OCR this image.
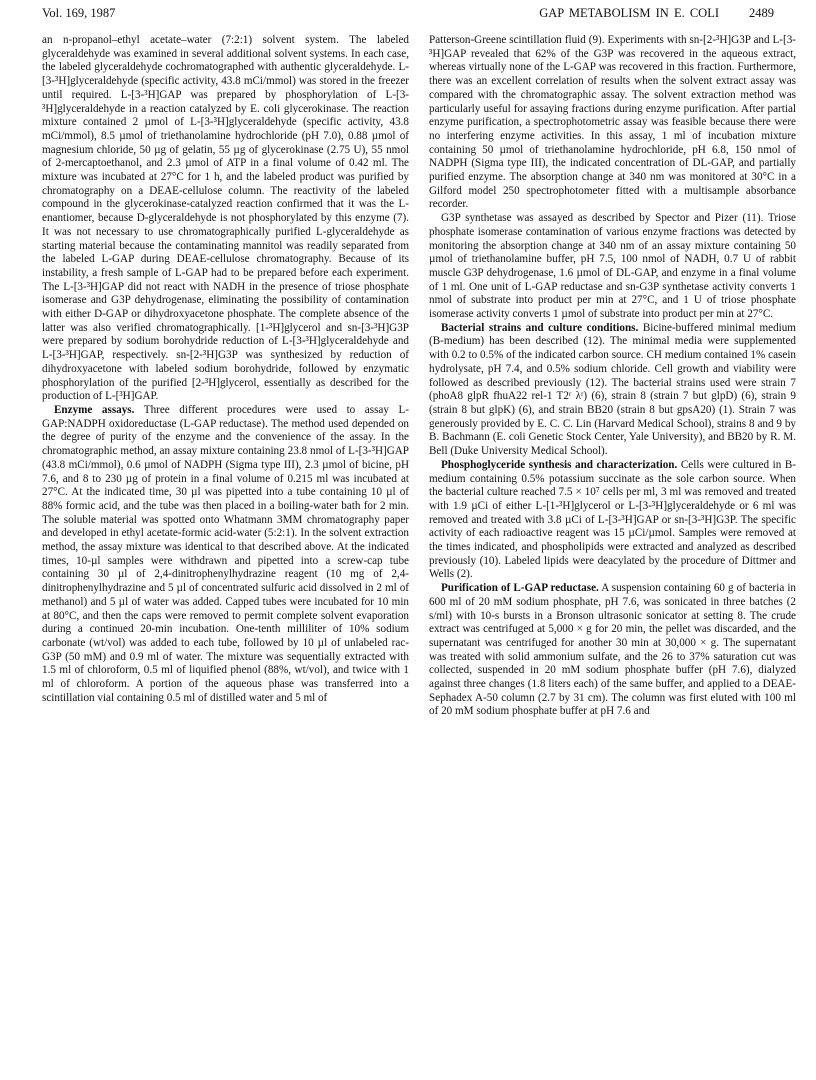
Vol. 169, 1987	GAP METABOLISM IN E. COLI 2489

an n-propanol–ethyl acetate–water (7:2:1) solvent system. The labeled glyceraldehyde was examined in several additional solvent systems. In each case, the labeled glyceraldehyde cochromatographed with authentic glyceraldehyde. L-[3-³H]glyceraldehyde (specific activity, 43.8 mCi/mmol) was stored in the freezer until required. L-[3-³H]GAP was prepared by phosphorylation of L-[3-³H]glyceraldehyde in a reaction catalyzed by E. coli glycerokinase. The reaction mixture contained 2 µmol of L-[3-³H]glyceraldehyde (specific activity, 43.8 mCi/mmol), 8.5 µmol of triethanolamine hydrochloride (pH 7.0), 0.88 µmol of magnesium chloride, 50 µg of gelatin, 55 µg of glycerokinase (2.75 U), 55 nmol of 2-mercaptoethanol, and 2.3 µmol of ATP in a final volume of 0.42 ml. The mixture was incubated at 27°C for 1 h, and the labeled product was purified by chromatography on a DEAE-cellulose column. The reactivity of the labeled compound in the glycerokinase-catalyzed reaction confirmed that it was the L-enantiomer, because D-glyceraldehyde is not phosphorylated by this enzyme (7). It was not necessary to use chromatographically purified L-glyceraldehyde as starting material because the contaminating mannitol was readily separated from the labeled L-GAP during DEAE-cellulose chromatography. Because of its instability, a fresh sample of L-GAP had to be prepared before each experiment. The L-[3-³H]GAP did not react with NADH in the presence of triose phosphate isomerase and G3P dehydrogenase, eliminating the possibility of contamination with either D-GAP or dihydroxyacetone phosphate. The complete absence of the latter was also verified chromatographically. [1-³H]glycerol and sn-[3-³H]G3P were prepared by sodium borohydride reduction of L-[3-³H]glyceraldehyde and L-[3-³H]GAP, respectively. sn-[2-³H]G3P was synthesized by reduction of dihydroxyacetone with labeled sodium borohydride, followed by enzymatic phosphorylation of the purified [2-³H]glycerol, essentially as described for the production of L-[³H]GAP.

Enzyme assays. Three different procedures were used to assay L-GAP:NADPH oxidoreductase (L-GAP reductase). The method used depended on the degree of purity of the enzyme and the convenience of the assay. In the chromatographic method, an assay mixture containing 23.8 nmol of L-[3-³H]GAP (43.8 mCi/mmol), 0.6 µmol of NADPH (Sigma type III), 2.3 µmol of bicine, pH 7.6, and 8 to 230 µg of protein in a final volume of 0.215 ml was incubated at 27°C. At the indicated time, 30 µl was pipetted into a tube containing 10 µl of 88% formic acid, and the tube was then placed in a boiling-water bath for 2 min. The soluble material was spotted onto Whatmann 3MM chromatography paper and developed in ethyl acetate-formic acid-water (5:2:1). In the solvent extraction method, the assay mixture was identical to that described above. At the indicated times, 10-µl samples were withdrawn and pipetted into a screw-cap tube containing 30 µl of 2,4-dinitrophenylhydrazine reagent (10 mg of 2,4-dinitrophenylhydrazine and 5 µl of concentrated sulfuric acid dissolved in 2 ml of methanol) and 5 µl of water was added. Capped tubes were incubated for 10 min at 80°C, and then the caps were removed to permit complete solvent evaporation during a continued 20-min incubation. One-tenth milliliter of 10% sodium carbonate (wt/vol) was added to each tube, followed by 10 µl of unlabeled rac-G3P (50 mM) and 0.9 ml of water. The mixture was sequentially extracted with 1.5 ml of chloroform, 0.5 ml of liquified phenol (88%, wt/vol), and twice with 1 ml of chloroform. A portion of the aqueous phase was transferred into a scintillation vial containing 0.5 ml of distilled water and 5 ml of

Patterson-Greene scintillation fluid (9). Experiments with sn-[2-³H]G3P and L-[3-³H]GAP revealed that 62% of the G3P was recovered in the aqueous extract, whereas virtually none of the L-GAP was recovered in this fraction. Furthermore, there was an excellent correlation of results when the solvent extract assay was compared with the chromatographic assay. The solvent extraction method was particularly useful for assaying fractions during enzyme purification. After partial enzyme purification, a spectrophotometric assay was feasible because there were no interfering enzyme activities. In this assay, 1 ml of incubation mixture containing 50 µmol of triethanolamine hydrochloride, pH 6.8, 150 nmol of NADPH (Sigma type III), the indicated concentration of DL-GAP, and partially purified enzyme. The absorption change at 340 nm was monitored at 30°C in a Gilford model 250 spectrophotometer fitted with a multisample absorbance recorder.

G3P synthetase was assayed as described by Spector and Pizer (11). Triose phosphate isomerase contamination of various enzyme fractions was detected by monitoring the absorption change at 340 nm of an assay mixture containing 50 µmol of triethanolamine buffer, pH 7.5, 100 nmol of NADH, 0.7 U of rabbit muscle G3P dehydrogenase, 1.6 µmol of DL-GAP, and enzyme in a final volume of 1 ml. One unit of L-GAP reductase and sn-G3P synthetase activity converts 1 nmol of substrate into product per min at 27°C, and 1 U of triose phosphate isomerase activity converts 1 µmol of substrate into product per min at 27°C.

Bacterial strains and culture conditions. Bicine-buffered minimal medium (B-medium) has been described (12). The minimal media were supplemented with 0.2 to 0.5% of the indicated carbon source. CH medium contained 1% casein hydrolysate, pH 7.4, and 0.5% sodium chloride. Cell growth and viability were followed as described previously (12). The bacterial strains used were strain 7 (phoA8 glpR fhuA22 rel-1 T2ʳ λʳ) (6), strain 8 (strain 7 but glpD) (6), strain 9 (strain 8 but glpK) (6), and strain BB20 (strain 8 but gpsA20) (1). Strain 7 was generously provided by E. C. C. Lin (Harvard Medical School), strains 8 and 9 by B. Bachmann (E. coli Genetic Stock Center, Yale University), and BB20 by R. M. Bell (Duke University Medical School).

Phosphoglyceride synthesis and characterization. Cells were cultured in B-medium containing 0.5% potassium succinate as the sole carbon source. When the bacterial culture reached 7.5 × 10⁷ cells per ml, 3 ml was removed and treated with 1.9 µCi of either L-[1-³H]glycerol or L-[3-³H]glyceraldehyde or 6 ml was removed and treated with 3.8 µCi of L-[3-³H]GAP or sn-[3-³H]G3P. The specific activity of each radioactive reagent was 15 µCi/µmol. Samples were removed at the times indicated, and phospholipids were extracted and analyzed as described previously (10). Labeled lipids were deacylated by the procedure of Dittmer and Wells (2).

Purification of L-GAP reductase. A suspension containing 60 g of bacteria in 600 ml of 20 mM sodium phosphate, pH 7.6, was sonicated in three batches (2 s/ml) with 10-s bursts in a Bronson ultrasonic sonicator at setting 8. The crude extract was centrifuged at 5,000 × g for 20 min, the pellet was discarded, and the supernatant was centrifuged for another 30 min at 30,000 × g. The supernatant was treated with solid ammonium sulfate, and the 26 to 37% saturation cut was collected, suspended in 20 mM sodium phosphate buffer (pH 7.6), dialyzed against three changes (1.8 liters each) of the same buffer, and applied to a DEAE-Sephadex A-50 column (2.7 by 31 cm). The column was first eluted with 100 ml of 20 mM sodium phosphate buffer at pH 7.6 and
